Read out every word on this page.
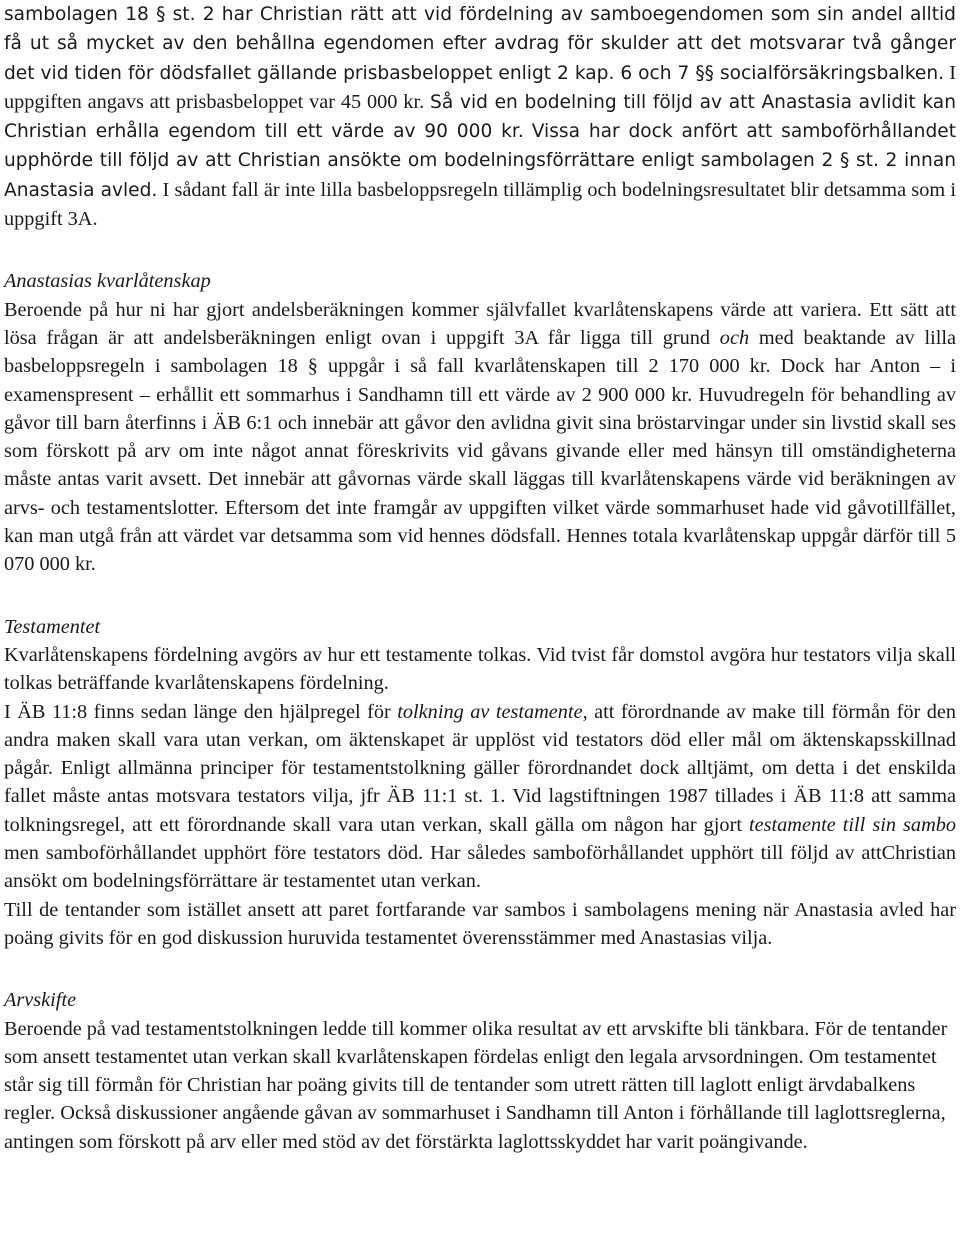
sambolagen 18 § st. 2 har Christian rätt att vid fördelning av samboegendomen som sin andel alltid få ut så mycket av den behållna egendomen efter avdrag för skulder att det motsvarar två gånger det vid tiden för dödsfallet gällande prisbasbeloppet enligt 2 kap. 6 och 7 §§ socialförsäkringsbalken. I uppgiften angavs att prisbasbeloppet var 45 000 kr. Så vid en bodelning till följd av att Anastasia avlidit kan Christian erhålla egendom till ett värde av 90 000 kr. Vissa har dock anfört att samboförhållandet upphörde till följd av att Christian ansökte om bodelningsförrättare enligt sambolagen 2 § st. 2 innan Anastasia avled. I sådant fall är inte lilla basbeloppsregeln tillämplig och bodelningsresultatet blir detsamma som i uppgift 3A.

Anastasias kvarlåtenskap

Beroende på hur ni har gjort andelsberäkningen kommer självfallet kvarlåtenskapens värde att variera. Ett sätt att lösa frågan är att andelsberäkningen enligt ovan i uppgift 3A får ligga till grund och med beaktande av lilla basbeloppsregeln i sambolagen 18 § uppgår i så fall kvarlåtenskapen till 2 170 000 kr. Dock har Anton – i examenspresent – erhållit ett sommarhus i Sandhamn till ett värde av 2 900 000 kr. Huvudregeln för behandling av gåvor till barn återfinns i ÄB 6:1 och innebär att gåvor den avlidna givit sina bröstarvingar under sin livstid skall ses som förskott på arv om inte något annat föreskrivits vid gåvans givande eller med hänsyn till omständigheterna måste antas varit avsett. Det innebär att gåvornas värde skall läggas till kvarlåtenskapens värde vid beräkningen av arvs- och testamentslotter. Eftersom det inte framgår av uppgiften vilket värde sommarhuset hade vid gåvotillfället, kan man utgå från att värdet var detsamma som vid hennes dödsfall. Hennes totala kvarlåtenskap uppgår därför till 5 070 000 kr.

Testamentet

Kvarlåtenskapens fördelning avgörs av hur ett testamente tolkas. Vid tvist får domstol avgöra hur testators vilja skall tolkas beträffande kvarlåtenskapens fördelning.

I ÄB 11:8 finns sedan länge den hjälpregel för tolkning av testamente, att förordnande av make till förmån för den andra maken skall vara utan verkan, om äktenskapet är upplöst vid testators död eller mål om äktenskapsskillnad pågår. Enligt allmänna principer för testamentstolkning gäller förordnandet dock alltjämt, om detta i det enskilda fallet måste antas motsvara testators vilja, jfr ÄB 11:1 st. 1. Vid lagstiftningen 1987 tillades i ÄB 11:8 att samma tolkningsregel, att ett förordnande skall vara utan verkan, skall gälla om någon har gjort testamente till sin sambo men samboförhållandet upphört före testators död. Har således samboförhållandet upphört till följd av attChristian ansökt om bodelningsförrättare är testamentet utan verkan.

Till de tentander som istället ansett att paret fortfarande var sambos i sambolagens mening när Anastasia avled har poäng givits för en god diskussion huruvida testamentet överensstämmer med Anastasias vilja.

Arvskifte

Beroende på vad testamentstolkningen ledde till kommer olika resultat av ett arvskifte bli tänkbara. För de tentander som ansett testamentet utan verkan skall kvarlåtenskapen fördelas enligt den legala arvsordningen. Om testamentet står sig till förmån för Christian har poäng givits till de tentander som utrett rätten till laglott enligt ärvdabalkens regler. Också diskussioner angående gåvan av sommarhuset i Sandhamn till Anton i förhållande till laglottsreglerna, antingen som förskott på arv eller med stöd av det förstärkta laglottsskyddet har varit poängivande.
